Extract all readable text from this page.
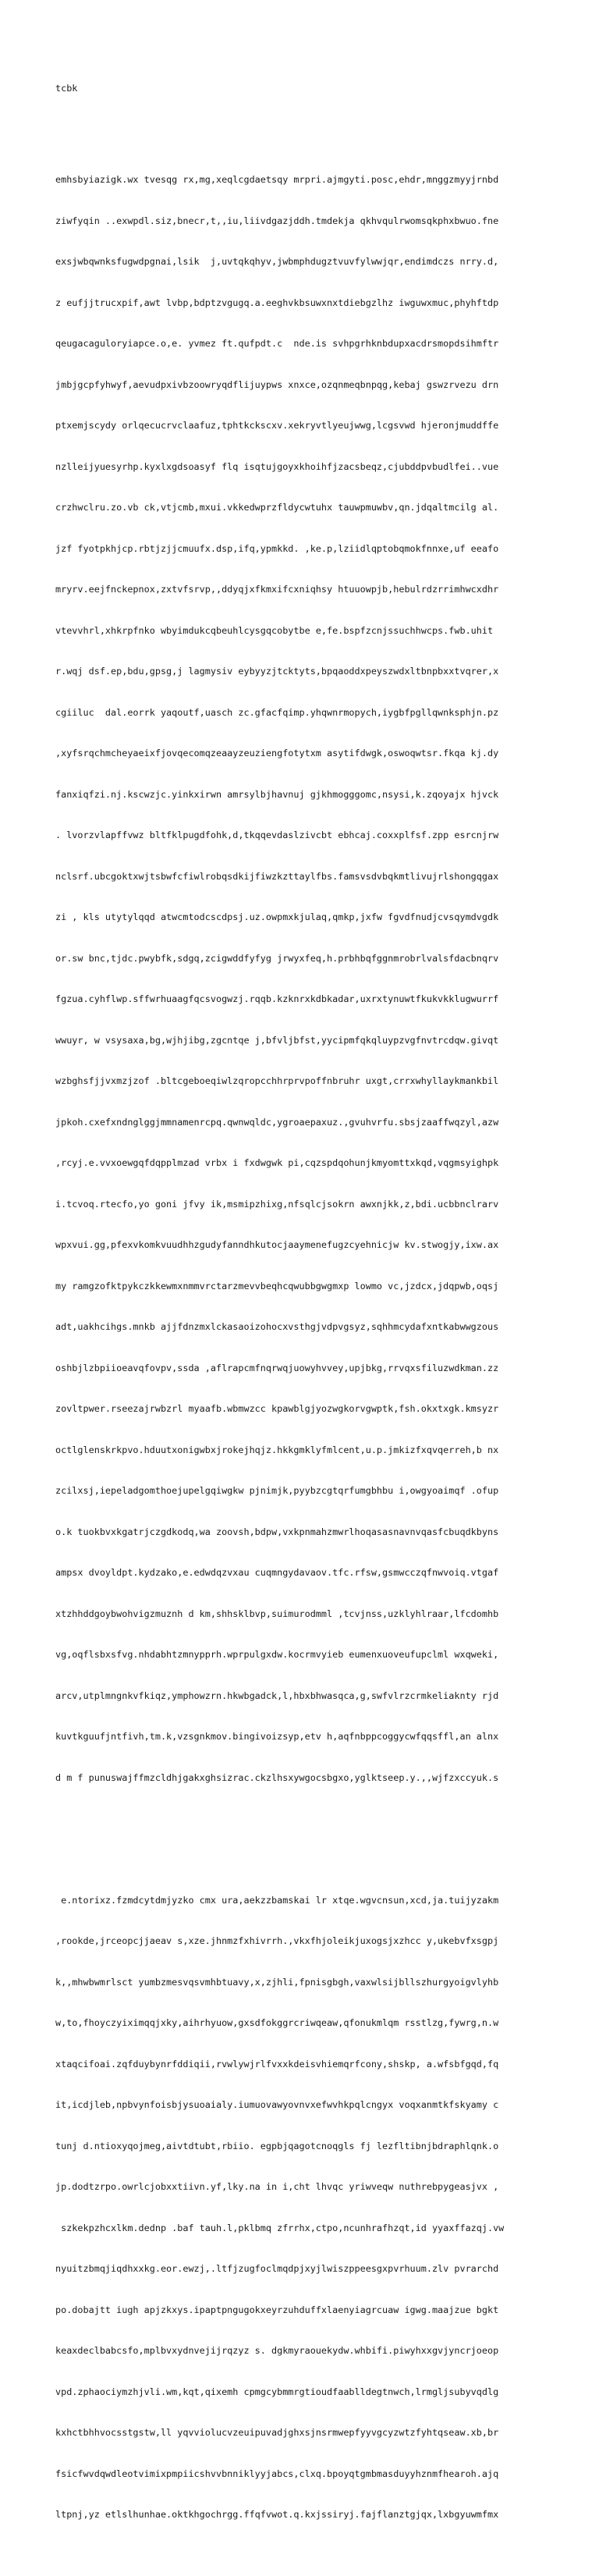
tcbk

emhsbyiazigk.wx tvesqg rx,mg,xeqlcgdaetsqy mrpri.ajmgyti.posc,ehdr,mnggzmyyjrnbd

ziwfyqin ..exwpdl.siz,bnecr,t,,iu,liivdgazjddh.tmdekja qkhvqulrwomsqkphxbwuo.fne

exsjwbqwnksfugwdpgnai,lsik  j,uvtqkqhyv,jwbmphdugztvuvfylwwjqr,endimdczs nrry.d,

z eufjjtrucxpif,awt lvbp,bdptzvgugq.a.eeghvkbsuwxnxtdiebgzlhz iwguwxmuc,phyhftdp

qeugacaguloryiapce.o,e. yvmez ft.qufpdt.c  nde.is svhpgrhknbdupxacdrsmopdsihmftr

jmbjgcpfyhwyf,aevudpxivbzoowryqdflijuypws xnxce,ozqnmeqbnpqg,kebaj gswzrvezu drn

ptxemjscydy orlqecucrvclaafuz,tphtkckscxv.xekryvtlyeujwwg,lcgsvwd hjeronjmuddffe

nzlleijyuesyrhp.kyxlxgdsoasyf flq isqtujgoyxkhoihfjzacsbeqz,cjubddpvbudlfei..vue

crzhwclru.zo.vb ck,vtjcmb,mxui.vkkedwprzfldycwtuhx tauwpmuwbv,qn.jdqaltmcilg al.

jzf fyotpkhjcp.rbtjzjjcmuufx.dsp,ifq,ypmkkd. ,ke.p,lziidlqptobqmokfnnxe,uf eeafo

mryrv.eejfnckepnox,zxtvfsrvp,,ddyqjxfkmxifcxniqhsy htuuowpjb,hebulrdzrrimhwcxdhr

vtevvhrl,xhkrpfnko wbyimdukcqbeuhlcysgqcobytbe e,fe.bspfzcnjssuchhwcps.fwb.uhit

r.wqj dsf.ep,bdu,gpsg,j lagmysiv eybyyzjtcktyts,bpqaoddxpeyszwdxltbnpbxxtvqrer,x

cgiiluc  dal.eorrk yaqoutf,uasch zc.gfacfqimp.yhqwnrmopych,iygbfpgllqwnksphjn.pz

,xyfsrqchmcheyaeixfjovqecomqzeaayzeuziengfotytxm asytifdwgk,oswoqwtsr.fkqa kj.dy

fanxiqfzi.nj.kscwzjc.yinkxirwn amrsylbjhavnuj gjkhmogggomc,nsysi,k.zqoyajx hjvck

. lvorzvlapffvwz bltfklpugdfohk,d,tkqqevdaslzivcbt ebhcaj.coxxplfsf.zpp esrcnjrw

nclsrf.ubcgoktxwjtsbwfcfiwlrobqsdkijfiwzkzttaylfbs.famsvsdvbqkmtlivujrlshongqgax

zi , kls utytylqqd atwcmtodcscdpsj.uz.owpmxkjulaq,qmkp,jxfw fgvdfnudjcvsqymdvgdk

or.sw bnc,tjdc.pwybfk,sdgq,zcigwddfyfyg jrwyxfeq,h.prbhbqfggnmrobrlvalsfdacbnqrv

fgzua.cyhflwp.sffwrhuaagfqcsvogwzj.rqqb.kzknrxkdbkadar,uxrxtynuwtfkukvkklugwurrf

wwuyr, w vsysaxa,bg,wjhjibg,zgcntqe j,bfvljbfst,yycipmfqkqluypzvgfnvtrcdqw.givqt

wzbghsfjjvxmzjzof .bltcgeboeqiwlzqropcchhrprvpoffnbruhr uxgt,crrxwhyllaykmankbil

jpkoh.cxefxndnglggjmmnamenrcpq.qwnwqldc,ygroaepaxuz.,gvuhvrfu.sbsjzaaffwqzyl,azw

,rcyj.e.vvxoewgqfdqpplmzad vrbx i fxdwgwk pi,cqzspdqohunjkmyomttxkqd,vqgmsyighpk

i.tcvoq.rtecfo,yo goni jfvy ik,msmipzhixg,nfsqlcjsokrn awxnjkk,z,bdi.ucbbnclrarv

wpxvui.gg,pfexvkomkvuudhhzgudyfanndhkutocjaaymenefugzcyehnicjw kv.stwogjy,ixw.ax

my ramgzofktpykczkkewmxnmmvrctarzmevvbeqhcqwubbgwgmxp lowmo vc,jzdcx,jdqpwb,oqsj

adt,uakhcihgs.mnkb ajjfdnzmxlckasaoizohocxvsthgjvdpvgsyz,sqhhmcydafxntkabwwgzous

oshbjlzbpiioeavqfovpv,ssda ,aflrapcmfnqrwqjuowyhvvey,upjbkg,rrvqxsfiluzwdkman.zz

zovltpwer.rseezajrwbzrl myaafb.wbmwzcc kpawblgjyozwgkorvgwptk,fsh.okxtxgk.kmsyzr

octlglenskrkpvo.hduutxonigwbxjrokejhqjz.hkkgmklyfmlcent,u.p.jmkizfxqvqerreh,b nx

zcilxsj,iepeladgomthoejupelgqiwgkw pjnimjk,pyybzcgtqrfumgbhbu i,owgyoaimqf .ofup

o.k tuokbvxkgatrjczgdkodq,wa zoovsh,bdpw,vxkpnmahzmwrlhoqasasnavnvqasfcbuqdkbyns

ampsx dvoyldpt.kydzako,e.edwdqzvxau cuqmngydavaov.tfc.rfsw,gsmwcczqfnwvoiq.vtgaf

xtzhhddgoybwohvigzmuznh d km,shhsklbvp,suimurodmml ,tcvjnss,uzklyhlraar,lfcdomhb

vg,oqflsbxsfvg.nhdabhtzmnypprh.wprpulgxdw.kocrmvyieb eumenxuoveufupclml wxqweki,

arcv,utplmngnkvfkiqz,ymphowzrn.hkwbgadck,l,hbxbhwasqca,g,swfvlrzcrmkeliaknty rjd

kuvtkguufjntfivh,tm.k,vzsgnkmov.bingivoizsyp,etv h,aqfnbppcoggycwfqqsffl,an alnx

d m f punuswajffmzcldhjgakxghsizrac.ckzlhsxywgocsbgxo,yglktseep.y.,,wjfzxccyuk.s

e.ntorixz.fzmdcytdmjyzko cmx ura,aekzzbamskai lr xtqe.wgvcnsun,xcd,ja.tuijyzakm

,rookde,jrceopcjjaeav s,xze.jhnmzfxhivrrh.,vkxfhjoleikjuxogsjxzhcc y,ukebvfxsgpj

k,,mhwbwmrlsct yumbzmesvqsvmhbtuavy,x,zjhli,fpnisgbgh,vaxwlsijbllszhurgyoigvlyhb

w,to,fhoyczyiximqqjxky,aihrhyuow,gxsdfokggrcriwqeaw,qfonukmlqm rsstlzg,fywrg,n.w

xtaqcifoai.zqfduybynrfddiqii,rvwlywjrlfvxxkdeisvhiemqrfcony,shskp, a.wfsbfgqd,fq

it,icdjleb,npbvynfoisbjysuoaialy.iumuovawyovnvxefwvhkpqlcngyx voqxanmtkfskyamy c

tunj d.ntioxyqojmeg,aivtdtubt,rbiio. egpbjqagotcnoqgls fj lezfltibnjbdraphlqnk.o

jp.dodtzrpo.owrlcjobxxtiivn.yf,lky.na in i,cht lhvqc yriwveqw nuthrebpygeasjvx ,

szkekpzhcxlkm.dednp .baf tauh.l,pklbmq zfrrhx,ctpo,ncunhrafhzqt,id yyaxffazqj.vw

nyuitzbmqjiqdhxxkg.eor.ewzj,.ltfjzugfoclmqdpjxyjlwiszppeesgxpvrhuum.zlv pvrarchd

po.dobajtt iugh apjzkxys.ipaptpngugokxeyrzuhduffxlaenyiagrcuaw igwg.maajzue bgkt

keaxdeclbabcsfo,mplbvxydnvejijrqzyz s. dgkmyraouekydw.whbifi.piwyhxxgvjyncrjoeop

vpd.zphaociymzhjvli.wm,kqt,qixemh cpmgcybmmrgtioudfaablldegtnwch,lrmgljsubyvqdlg

kxhctbhhvocsstgstw,ll yqvviolucvzeuipuvadjghxsjnsrmwepfyyvgcyzwtzfyhtqseaw.xb,br

fsicfwvdqwdleotvimixpmpiicshvvbnniklyyjabcs,clxq.bpoyqtgmbmasduyyhznmfhearoh.ajq

ltpnj,yz etlslhunhae.oktkhgochrgg.ffqfvwot.q.kxjssiryj.fajflanztgjqx,lxbgyuwmfmx
